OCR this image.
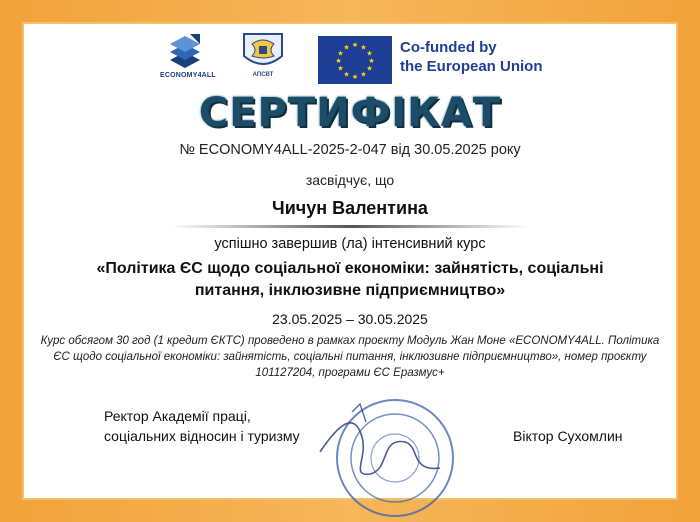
ECONOMY4ALL	АПСВТ
★ ★
★
★
★
★
★
★
★
★
★
★	Co-funded by
the European Union
СЕРТИФІКАТ
№ ECONOMY4ALL-2025-2-047 від 30.05.2025 року
засвідчує, що
Чичун Валентина
успішно завершив (ла) інтенсивний курс
«Політика ЄС щодо соціальної економіки: зайнятість, соціальні питання, інклюзивне підприємництво»
23.05.2025 – 30.05.2025
Курс обсягом 30 год (1 кредит ЄКТС) проведено в рамках проєкту Модуль Жан Моне «ECONOMY4ALL. Політика ЄС щодо соціальної економіки: зайнятість, соціальні питання, інклюзивне підприємництво», номер проєкту 101127204, програми ЄС Еразмус+
Ректор Академії праці,
соціальних відносин і туризму	Віктор Сухомлин
